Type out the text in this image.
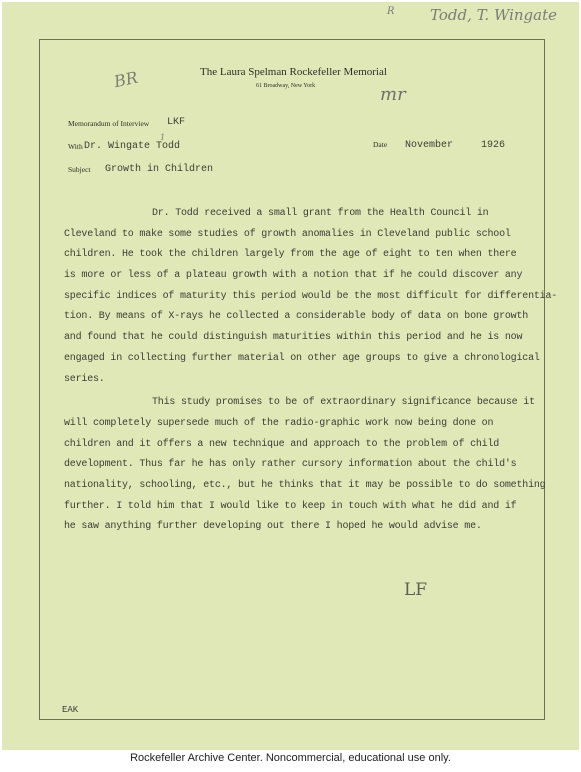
R Todd, T. Wingate
BR
mr
The Laura Spelman Rockefeller Memorial
61 Broadway, New York
Memorandum of Interview LKF
1
With Dr. Wingate Todd	Date November	1926
Subject Growth in Children
Dr. Todd received a small grant from the Health Council in
Cleveland to make some studies of growth anomalies in Cleveland public school
children. He took the children largely from the age of eight to ten when there
is more or less of a plateau growth with a notion that if he could discover any
specific indices of maturity this period would be the most difficult for differentia-
tion. By means of X-rays he collected a considerable body of data on bone growth
and found that he could distinguish maturities within this period and he is now
engaged in collecting further material on other age groups to give a chronological
series.
This study promises to be of extraordinary significance because it
will completely supersede much of the radio-graphic work now being done on
children and it offers a new technique and approach to the problem of child
development. Thus far he has only rather cursory information about the child's
nationality, schooling, etc., but he thinks that it may be possible to do something
further. I told him that I would like to keep in touch with what he did and if
he saw anything further developing out there I hoped he would advise me.
LF
EAK
Rockefeller Archive Center. Noncommercial, educational use only.
